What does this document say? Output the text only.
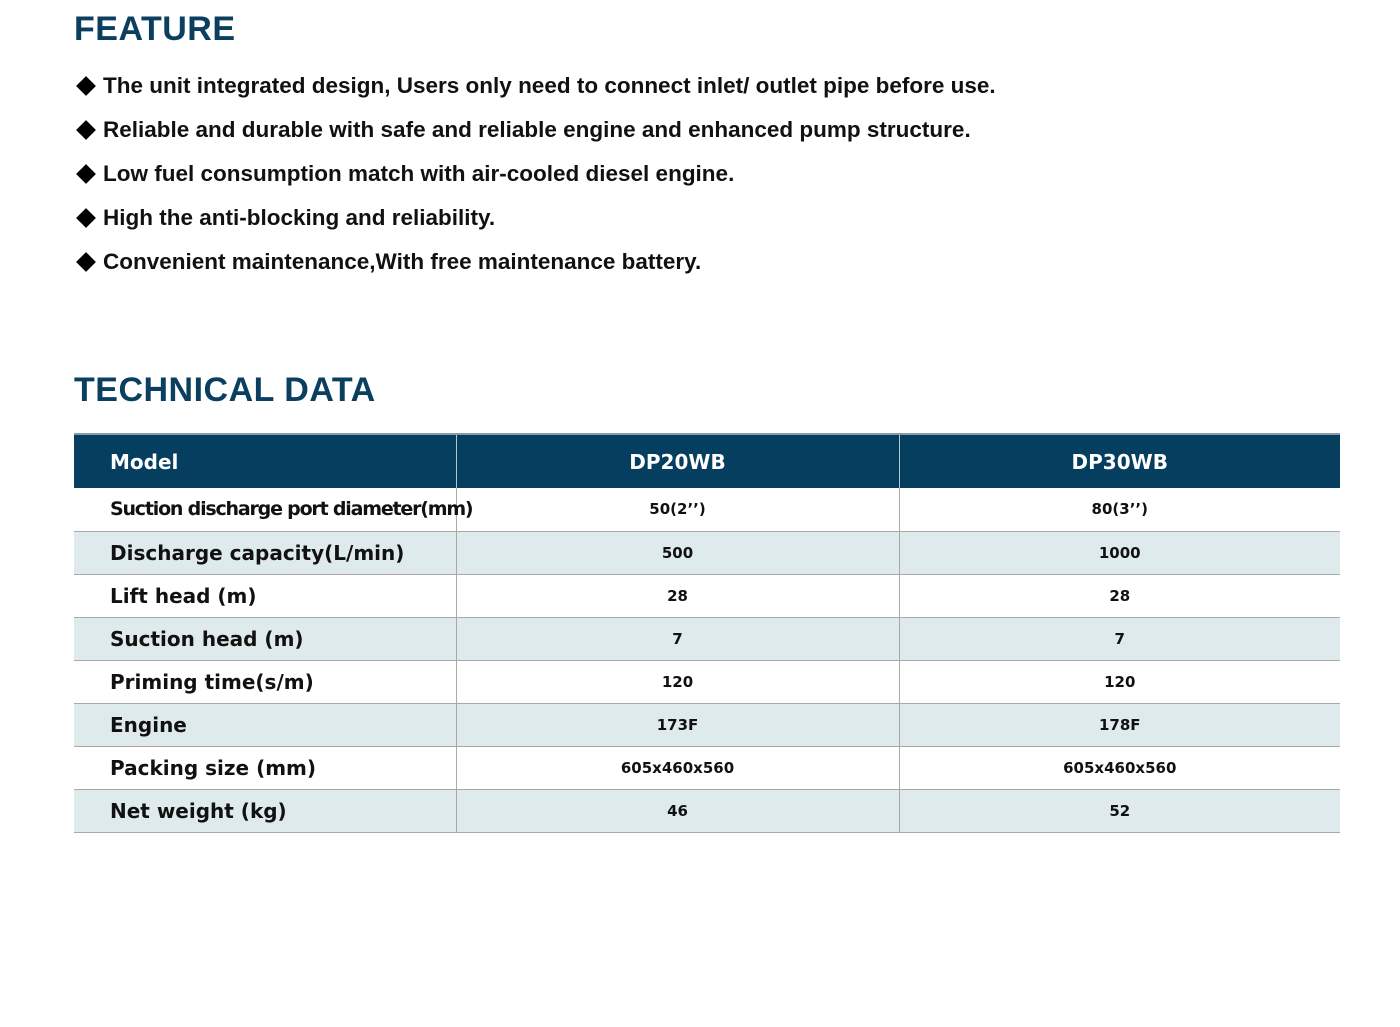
FEATURE
The unit integrated design, Users only need to connect inlet/ outlet pipe before use.
Reliable and durable with safe and reliable engine and enhanced pump structure.
Low fuel consumption match with air-cooled diesel engine.
High the anti-blocking and reliability.
Convenient maintenance,With free maintenance battery.
TECHNICAL DATA
Model	DP20WB	DP30WB
Suction discharge port diameter(mm)	50(2’’)	80(3’’)
Discharge capacity(L/min)	500	1000
Lift head (m)	28	28
Suction head (m)	7	7
Priming time(s/m)	120	120
Engine	173F	178F
Packing size (mm)	605x460x560	605x460x560
Net weight (kg)	46	52
